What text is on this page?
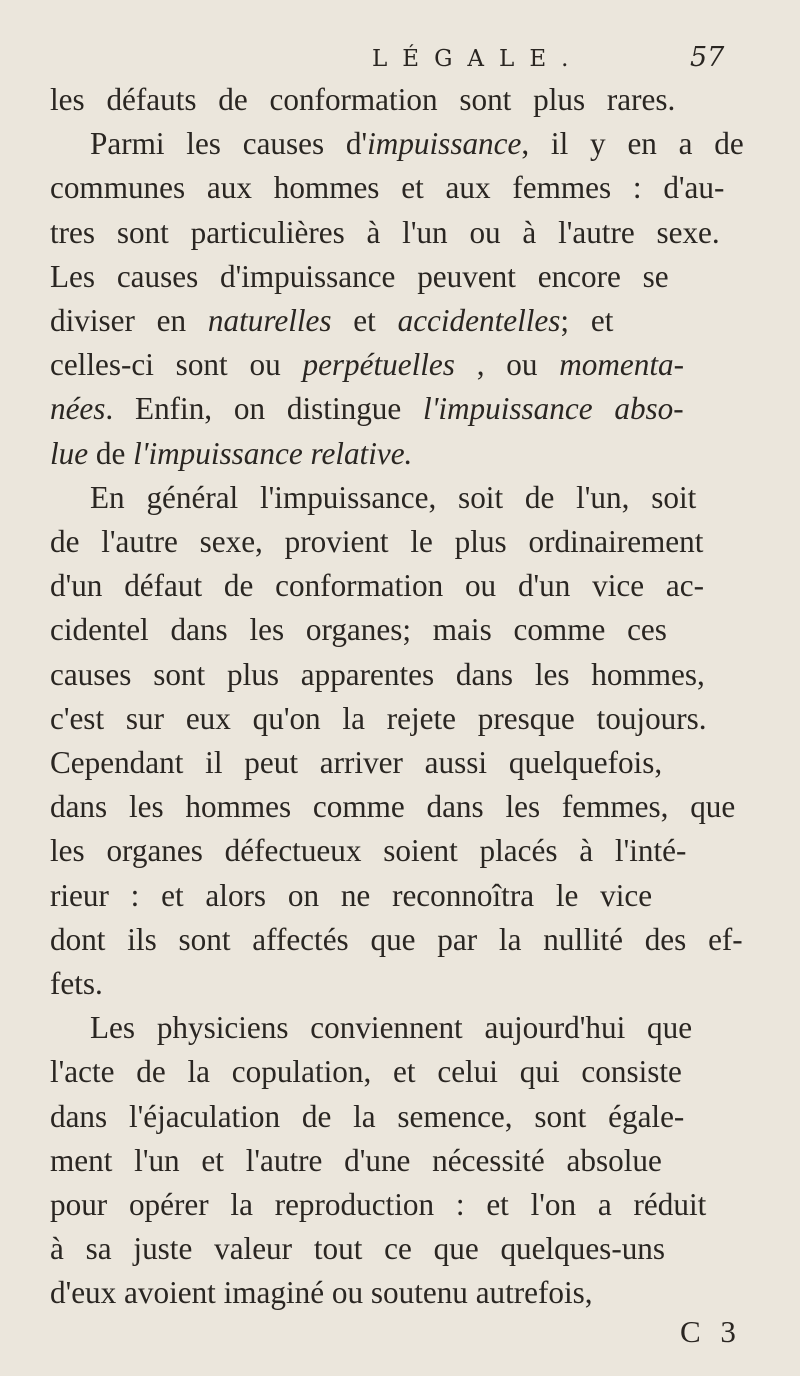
LÉGALE.	57
les défauts de conformation sont plus rares.
Parmi les causes d'impuissance, il y en a de
communes aux hommes et aux femmes : d'au-
tres sont particulières à l'un ou à l'autre sexe.
Les causes d'impuissance peuvent encore se
diviser en naturelles et accidentelles; et
celles-ci sont ou perpétuelles , ou momenta-
nées. Enfin, on distingue l'impuissance abso-
lue de l'impuissance relative.
En général l'impuissance, soit de l'un, soit
de l'autre sexe, provient le plus ordinairement
d'un défaut de conformation ou d'un vice ac-
cidentel dans les organes; mais comme ces
causes sont plus apparentes dans les hommes,
c'est sur eux qu'on la rejete presque toujours.
Cependant il peut arriver aussi quelquefois,
dans les hommes comme dans les femmes, que
les organes défectueux soient placés à l'inté-
rieur : et alors on ne reconnoîtra le vice
dont ils sont affectés que par la nullité des ef-
fets.
Les physiciens conviennent aujourd'hui que
l'acte de la copulation, et celui qui consiste
dans l'éjaculation de la semence, sont égale-
ment l'un et l'autre d'une nécessité absolue
pour opérer la reproduction : et l'on a réduit
à sa juste valeur tout ce que quelques-uns
d'eux avoient imaginé ou soutenu autrefois,
C 3
